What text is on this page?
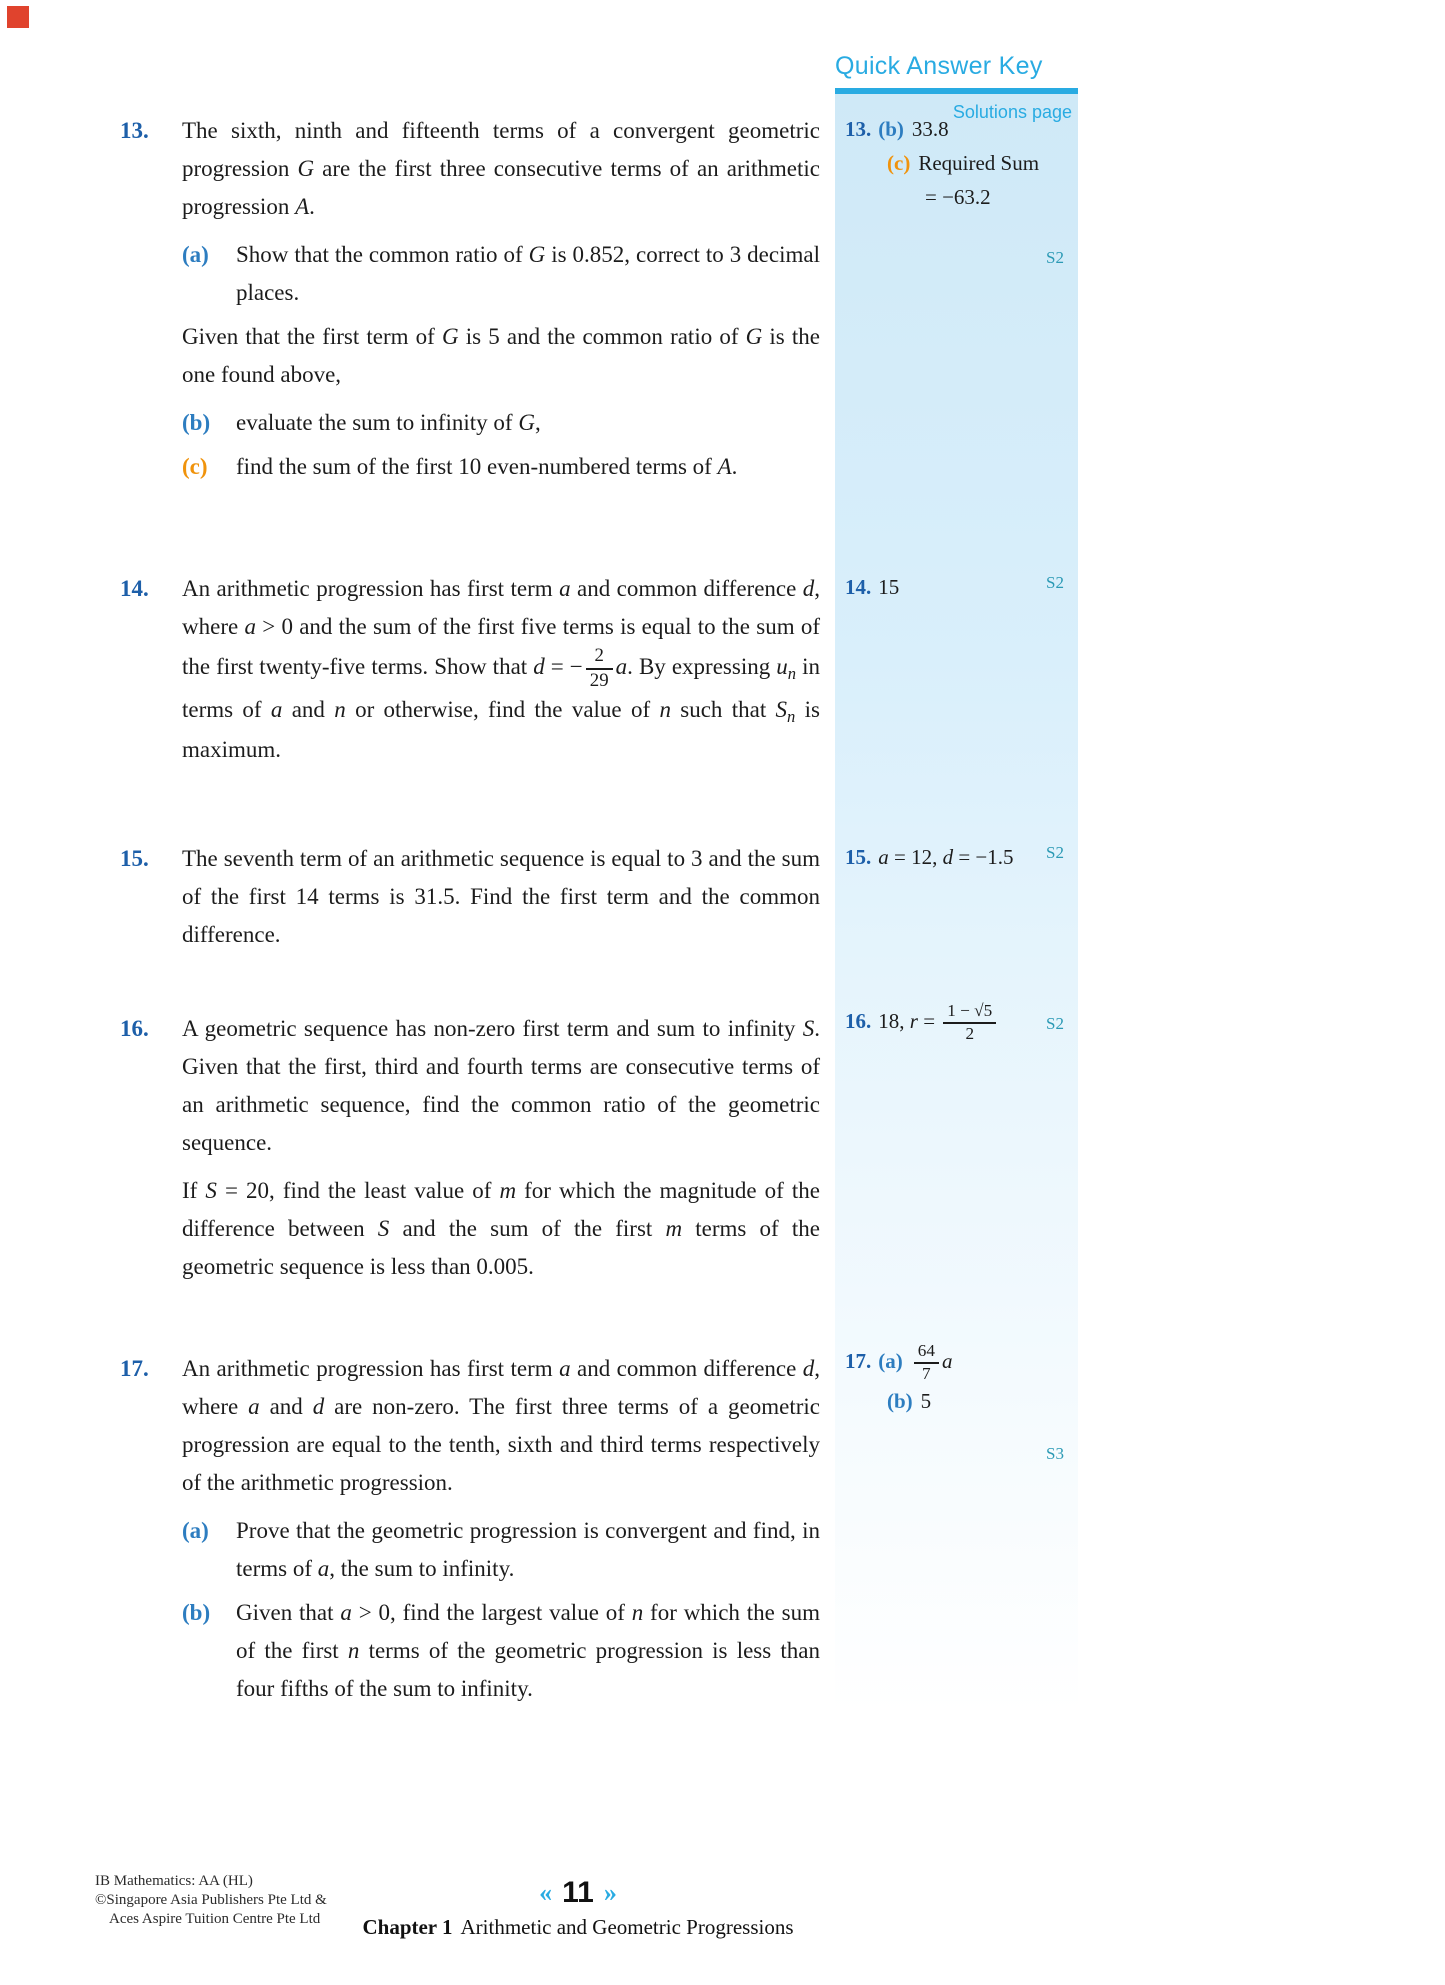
13.	The sixth, ninth and fifteenth terms of a convergent geometric progression G are the first three consecutive terms of an arithmetic progression A.

(a)	Show that the common ratio of G is 0.852, correct to 3 decimal places.

Given that the first term of G is 5 and the common ratio of G is the one found above,

(b)	evaluate the sum to infinity of G,
(c)	find the sum of the first 10 even-numbered terms of A.
14.	An arithmetic progression has first term a and common difference d, where a > 0 and the sum of the first five terms is equal to the sum of the first twenty-five terms. Show that d = − $\frac{2}{29} a$. By expressing $u_n$ in terms of a and n or otherwise, find the value of n such that $S_n$ is maximum.

15.	The seventh term of an arithmetic sequence is equal to 3 and the sum of the first 14 terms is 31.5. Find the first term and the common difference.

16.	A geometric sequence has non-zero first term and sum to infinity S. Given that the first, third and fourth terms are consecutive terms of an arithmetic sequence, find the common ratio of the geometric sequence.

If S = 20, find the least value of m for which the magnitude of the difference between S and the sum of the first m terms of the geometric sequence is less than 0.005.

17.	An arithmetic progression has first term a and common difference d, where a and d are non-zero. The first three terms of a geometric progression are equal to the tenth, sixth and third terms respectively of the arithmetic progression.

(a)	Prove that the geometric progression is convergent and find, in terms of a, the sum to infinity.
(b)	Given that a > 0, find the largest value of n for which the sum of the first n terms of the geometric progression is less than four fifths of the sum to infinity.
Quick Answer Key
Solutions page
13. (b) 33.8
(c) Required Sum
= −63.2
S2
14. 15	S2
15. a = 12, d = −1.5	S2
16. 18, $r = \frac{1 - √5}{2}$	S2
17. $(a) \frac{64}{7}$ a
(b) 5
S3
IB Mathematics: AA (HL)
©Singapore Asia Publishers Pte Ltd &
Aces Aspire Tuition Centre Pte Ltd
« 11 »
Chapter 1 Arithmetic and Geometric Progressions
